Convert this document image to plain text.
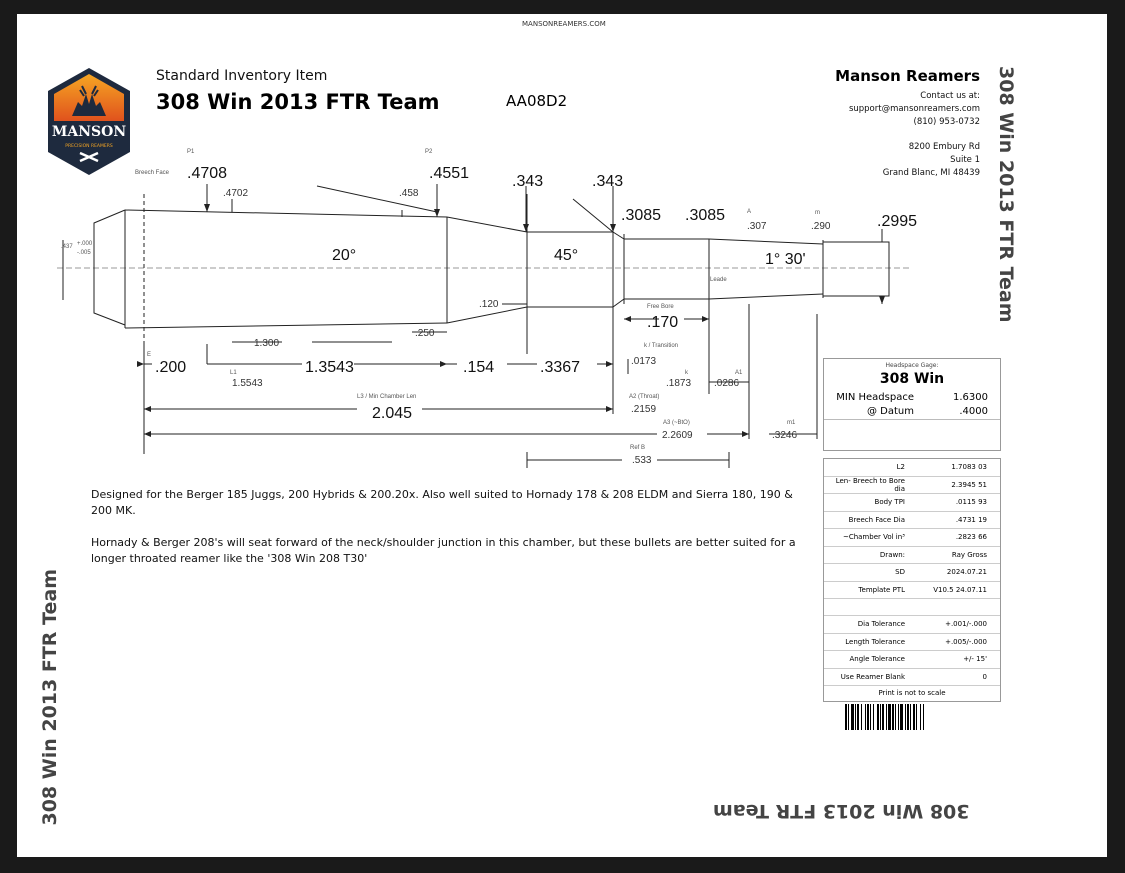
MANSONREAMERS.COM
MANSON
PRECISION REAMERS
Standard Inventory Item
308 Win 2013 FTR Team	AA08D2
Manson Reamers
Contact us at:
support@mansonreamers.com
(810) 953-0732
8200 Embury Rd
Suite 1
Grand Blanc, MI 48439 308 Win 2013 FTR Team
308 Win 2013 FTR Team	308 Win 2013 FTR Team
Breech Face
P1	P2
.4708
.4702
.4551
.458
.343	.343
.3085 .3085	A
.307
m
.290	.2995
.437 +.000
-.005	20°	45°	1° 30'
Leade
.120	Free Bore
.170
k / Transition
.0173
1.300
.250
E
.200	L1	1.3543
1.5543
.154	.3367	k
.1873
A1
.0286
L3 / Min Chamber Len
2.045
A2 (Throat)
.2159
A3 (~BtO)
2.2609
m1
.3246
Ref B
.533

Designed for the Berger 185 Juggs, 200 Hybrids & 200.20x. Also well suited to Hornady 178 & 208 ELDM and Sierra 180, 190 & 200 MK.

Hornady & Berger 208's will seat forward of the neck/shoulder junction in this chamber, but these bullets are better suited for a longer throated reamer like the '308 Win 208 T30'

Headspace Gage:
308 Win
MIN Headspace	1.6300
@ Datum	.4000
L2	1.7083 03
Len- Breech to Bore dia	2.3945 51
Body TPI	.0115 93
Breech Face Dia	.4731 19
~Chamber Vol in³	.2823 66
Drawn:	Ray Gross
SD	2024.07.21
Template PTL	V10.5 24.07.11
Dia Tolerance	+.001/-.000
Length Tolerance	+.005/-.000
Angle Tolerance	+/- 15'
Use Reamer Blank	0
Print is not to scale
